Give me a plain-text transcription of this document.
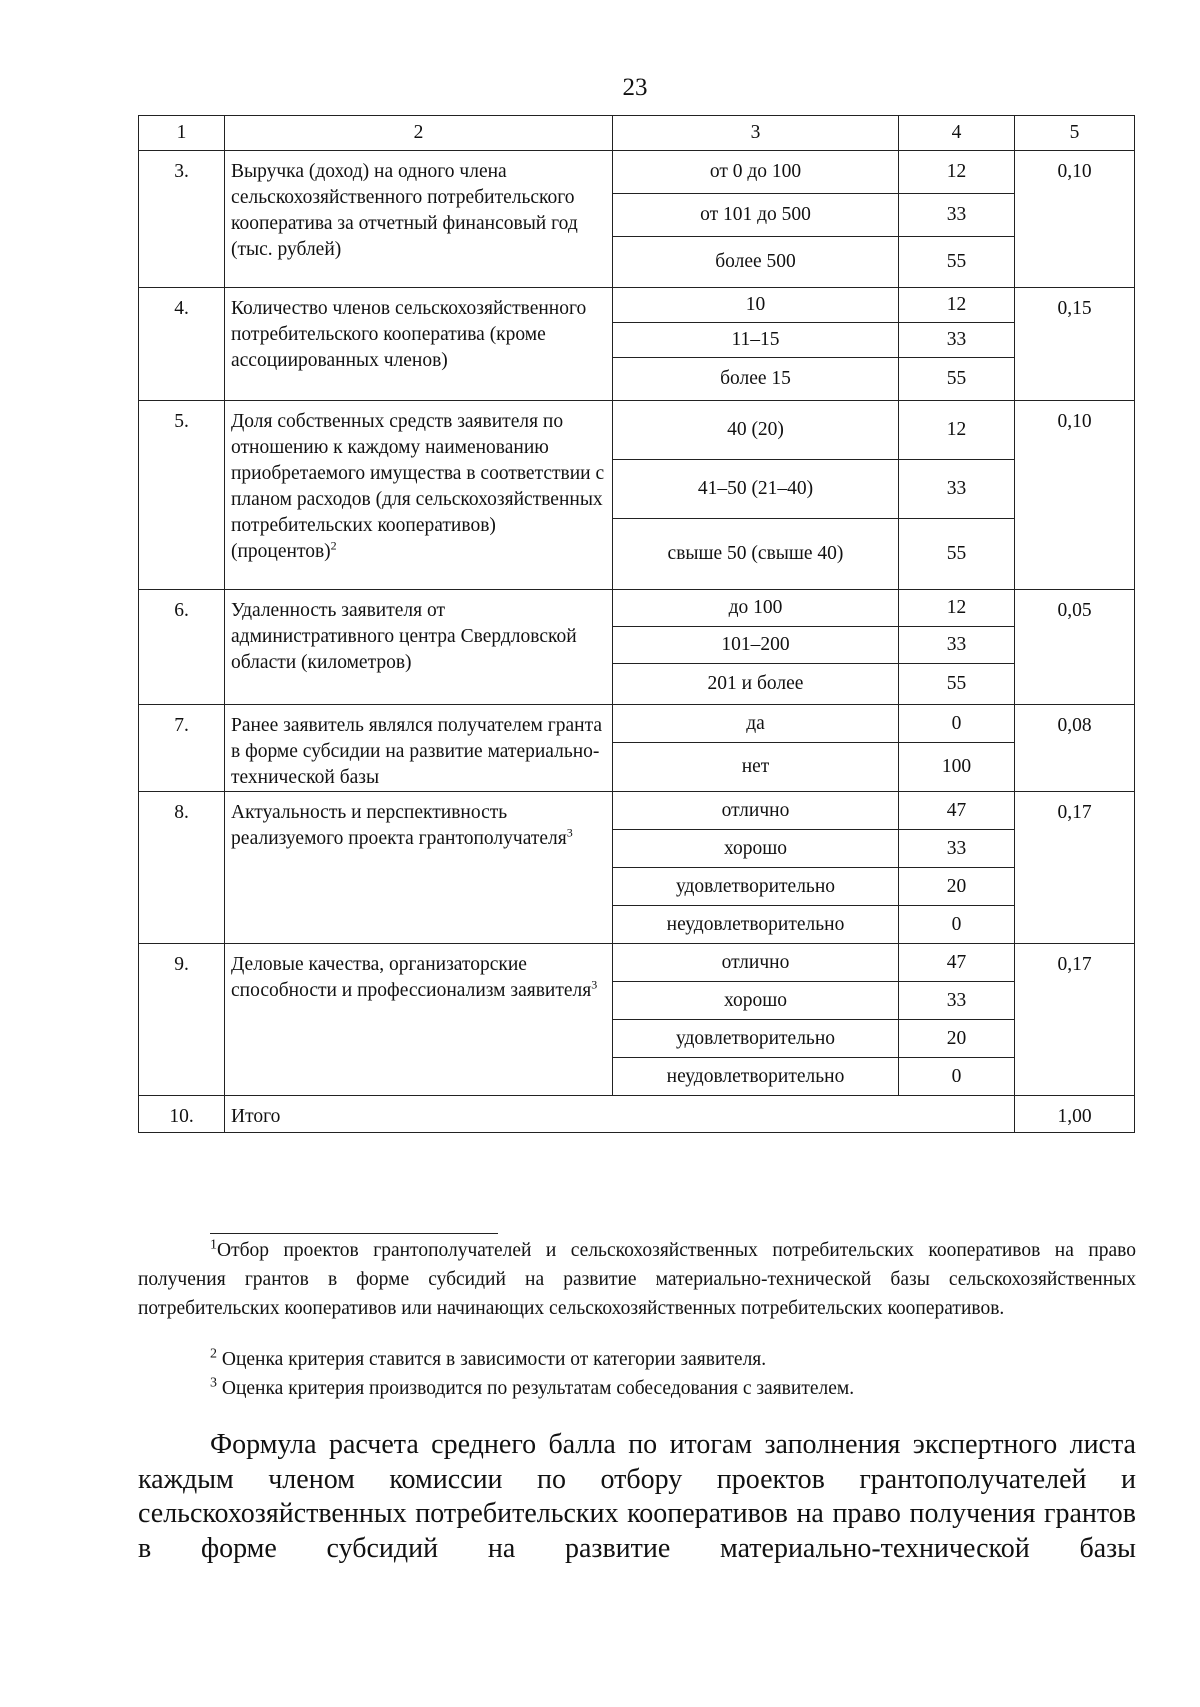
23
1	2	3	4	5
3.	Выручка (доход) на одного члена сельскохозяйственного потребительского кооператива за отчетный финансовый год (тыс. рублей)	от 0 до 100	12	0,10
		от 101 до 500	33	
		более 500	55	
4.	Количество членов сельскохозяйственного потребительского кооператива (кроме ассоциированных членов)	10	12	0,15
		11–15	33	
		более 15	55	
5.	Доля собственных средств заявителя по отношению к каждому наименованию приобретаемого имущества в соответствии с планом расходов (для сельскохозяйственных потребительских кооперативов) (процентов)$^2$	40 (20)	12	0,10
		41–50 (21–40)	33	
		свыше 50 (свыше 40)	55	
6.	Удаленность заявителя от административного центра Свердловской области (километров)	до 100	12	0,05
		101–200	33	
		201 и более	55	
7.	Ранее заявитель являлся получателем гранта в форме субсидии на развитие материально-технической базы	да	0	0,08
		нет	100	
8.	Актуальность и перспективность реализуемого проекта грантополучателя$^3$	отлично	47	0,17
		хорошо	33	
		удовлетворительно	20	
		неудовлетворительно	0	
9.	Деловые качества, организаторские способности и профессионализм заявителя$^3$	отлично	47	0,17
		хорошо	33	
		удовлетворительно	20	
		неудовлетворительно	0	
10.	Итого			1,00
$^1$Отбор проектов грантополучателей и сельскохозяйственных потребительских кооперативов на право получения грантов в форме субсидий на развитие материально-технической базы сельскохозяйственных потребительских кооперативов или начинающих сельскохозяйственных потребительских кооперативов.
$^2$ Оценка критерия ставится в зависимости от категории заявителя.
$^3$ Оценка критерия производится по результатам собеседования с заявителем.
Формула расчета среднего балла по итогам заполнения экспертного листа каждым членом комиссии по отбору проектов грантополучателей и сельскохозяйственных потребительских кооперативов на право получения грантов в форме субсидий на развитие материально-технической базы
